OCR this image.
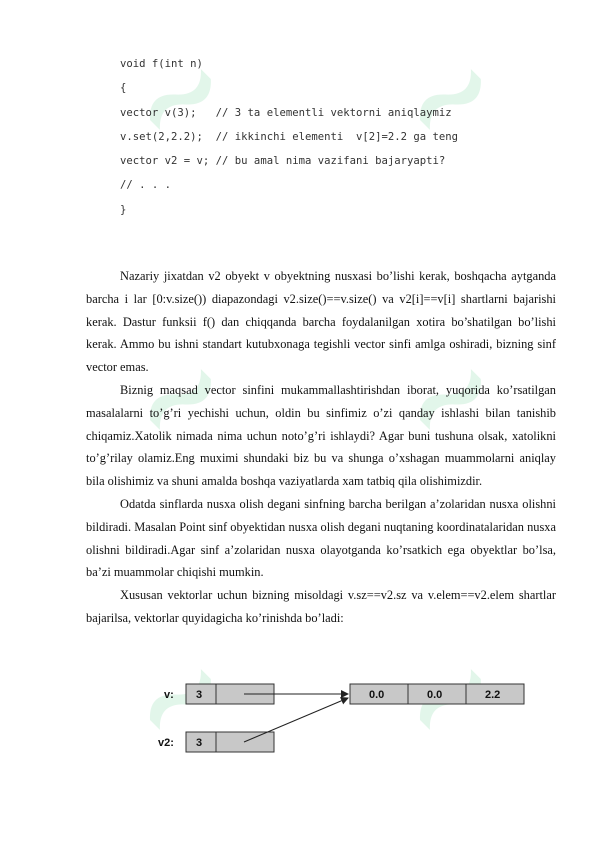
void f(int n)
{
vector v(3);   // 3 ta elementli vektorni aniqlaymiz
v.set(2,2.2);  // ikkinchi elementi  v[2]=2.2 ga teng
vector v2 = v; // bu amal nima vazifani bajaryapti?
// . . .
}

Nazariy jixatdan v2 obyekt v obyektning nusxasi bo’lishi kerak, boshqacha aytganda barcha i lar [0:v.size()) diapazondagi v2.size()==v.size() va v2[i]==v[i] shartlarni bajarishi kerak. Dastur funksii f() dan chiqqanda barcha foydalanilgan xotira bo’shatilgan bo’lishi kerak. Ammo bu ishni standart kutubxonaga tegishli vector sinfi amlga oshiradi, bizning sinf vector emas.

Biznig maqsad vector sinfini mukammallashtirishdan iborat, yuqorida ko’rsatilgan masalalarni to’g’ri yechishi uchun, oldin bu sinfimiz o’zi qanday ishlashi bilan tanishib chiqamiz.Xatolik nimada nima uchun noto’g’ri ishlaydi? Agar buni tushuna olsak, xatolikni to’g’rilay olamiz.Eng muximi shundaki biz bu va shunga o’xshagan muammolarni aniqlay bila olishimiz va shuni amalda boshqa vaziyatlarda xam tatbiq qila olishimizdir.

Odatda sinflarda nusxa olish degani sinfning barcha berilgan a’zolaridan nusxa olishni bildiradi. Masalan Point sinf obyektidan nusxa olish degani nuqtaning koordinatalaridan nusxa olishni bildiradi.Agar sinf a’zolaridan nusxa olayotganda ko’rsatkich ega obyektlar bo’lsa, ba’zi muammolar chiqishi mumkin.

Xususan vektorlar uchun bizning misoldagi v.sz==v2.sz va v.elem==v2.elem shartlar bajarilsa, vektorlar quyidagicha ko’rinishda bo’ladi:

v: 3
v2: 3
0.0	0.0	2.2
